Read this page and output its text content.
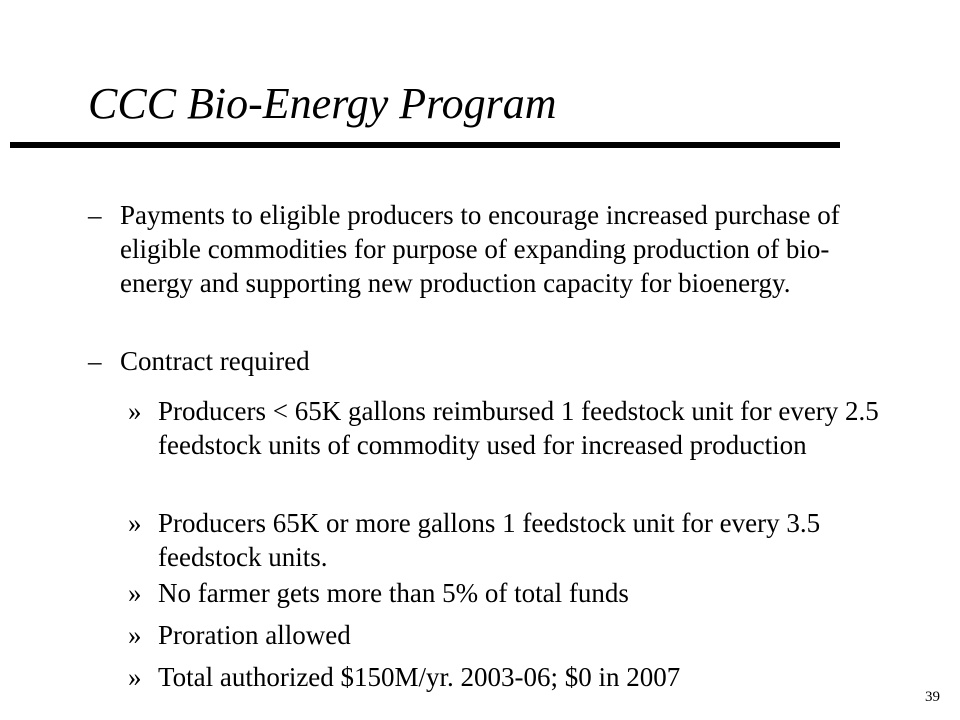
CCC Bio-Energy Program
– Payments to eligible producers to encourage increased purchase of eligible commodities for purpose of expanding production of bio-energy and supporting new production capacity for bioenergy.
– Contract required
» Producers < 65K gallons reimbursed 1 feedstock unit for every 2.5 feedstock units of commodity used for increased production
» Producers 65K or more gallons 1 feedstock unit for every 3.5 feedstock units.
» No farmer gets more than 5% of total funds
» Proration allowed
» Total authorized $150M/yr. 2003-06; $0 in 2007
39
